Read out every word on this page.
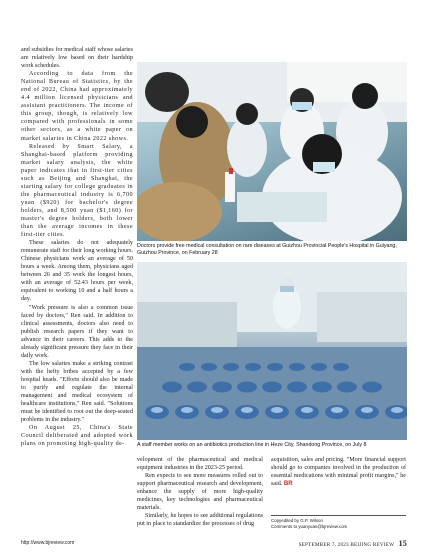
and subsidies for medical staff whose salaries are relatively low based on their hardship work schedules.

According to data from the National Bureau of Statistics, by the end of 2022, China had approximately 4.4 million licensed physicians and assistant practitioners. The income of this group, though, is relatively low compared with professionals in some other sectors, as a white paper on market salaries in China 2022 shows.

Released by Smart Salary, a Shanghai-based platform providing market salary analysis, the white paper indicates that in first-tier cities such as Beijing and Shanghai, the starting salary for college graduates in the pharmaceutical industry is 6,700 yuan ($920) for bachelor's degree holders, and 8,500 yuan ($1,160) for master's degree holders, both lower than the average incomes in these first-tier cities.

These salaries do not adequately remunerate staff for their long working hours. Chinese physicians work an average of 50 hours a week. Among them, physicians aged between 26 and 35 work the longest hours, with an average of 52.43 hours per week, equivalent to working 10 and a half hours a day.

"Work pressure is also a common issue faced by doctors," Ren said. In addition to clinical assessments, doctors also need to publish research papers if they want to advance in their careers. This adds to the already significant pressure they face in their daily work.

The low salaries make a striking contrast with the hefty bribes accepted by a few hospital heads. "Efforts should also be made to purify and regulate the internal management and medical ecosystem of healthcare institutions," Ren said. "Solutions must be identified to root out the deep-seated problems in the industry."

On August 25, China's State Council deliberated and adopted work plans on promoting high-quality de-

XINHUA
Doctors provide free medical consultation on rare diseases at Guizhou Provincial People's Hospital in Guiyang, Guizhou Province, on February 28
XINHUA
A staff member works on an antibiotics production line in Heze City, Shandong Province, on July 8

velopment of the pharmaceutical and medical equipment industries in the 2023-25 period.

Ren expects to see more measures rolled out to support pharmaceutical research and development, enhance the supply of more high-quality medicines, key technologies and pharmaceutical materials.

Similarly, he hopes to see additional regulations put in place to standardize the processes of drug

acquisition, sales and pricing. "More financial support should go to companies involved in the production of essential medications with minimal profit margins," he said. BR

Copyedited by G.P. Wilson
Comments to yuanyuan@bjreview.com
http://www.bjreview.com	SEPTEMBER 7, 2023 BEIJING REVIEW 15
